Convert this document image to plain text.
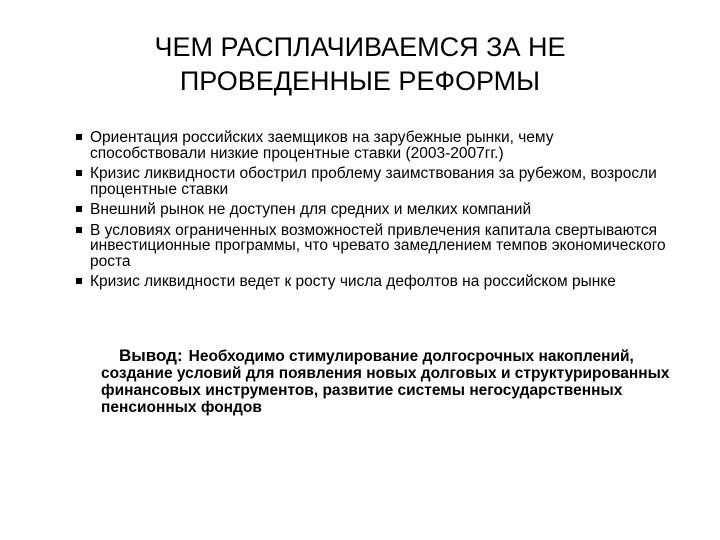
ЧЕМ РАСПЛАЧИВАЕМСЯ ЗА НЕ
ПРОВЕДЕННЫЕ РЕФОРМЫ
Ориентация российских заемщиков на зарубежные рынки, чему способствовали низкие процентные ставки (2003-2007гг.)
Кризис ликвидности обострил проблему заимствования за рубежом, возросли процентные ставки
Внешний рынок не доступен для средних и мелких компаний
В условиях ограниченных возможностей привлечения капитала свертываются инвестиционные программы, что чревато замедлением темпов экономического роста
Кризис ликвидности ведет к росту числа дефолтов на российском рынке
Вывод: Необходимо стимулирование долгосрочных накоплений, создание условий для появления новых долговых и структурированных финансовых инструментов, развитие системы негосударственных пенсионных фондов
